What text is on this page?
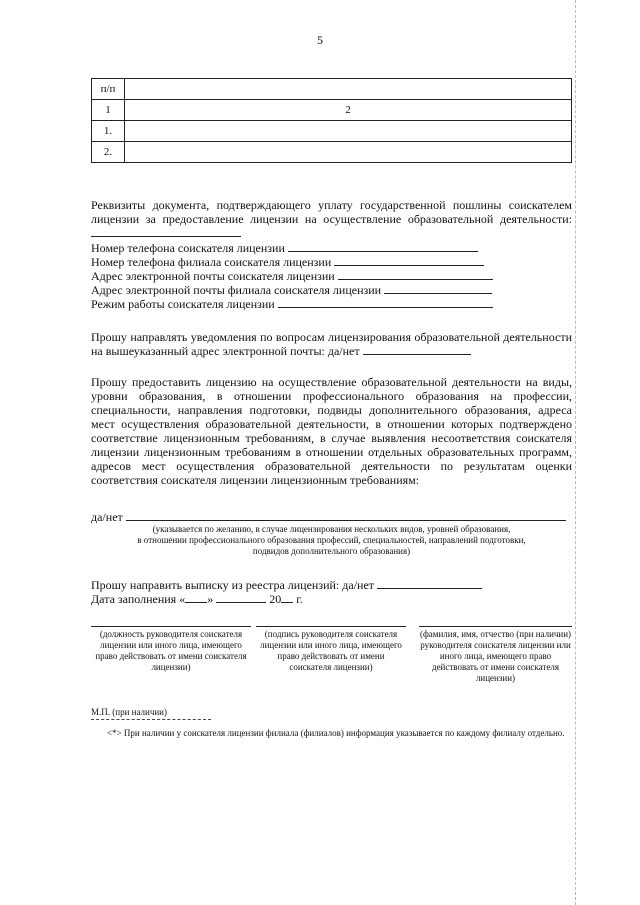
5
п/п	
1	2
1.	
2.	
Реквизиты документа, подтверждающего уплату государственной пошлины соискателем лицензии за предоставление лицензии на осуществление образовательной деятельности:
Номер телефона соискателя лицензии
Номер телефона филиала соискателя лицензии
Адрес электронной почты соискателя лицензии
Адрес электронной почты филиала соискателя лицензии
Режим работы соискателя лицензии
Прошу направлять уведомления по вопросам лицензирования образовательной деятельности на вышеуказанный адрес электронной почты: да/нет
Прошу предоставить лицензию на осуществление образовательной деятельности на виды, уровни образования, в отношении профессионального образования на профессии, специальности, направления подготовки, подвиды дополнительного образования, адреса мест осуществления образовательной деятельности, в отношении которых подтверждено соответствие лицензионным требованиям, в случае выявления несоответствия соискателя лицензии лицензионным требованиям в отношении отдельных образовательных программ, адресов мест осуществления образовательной деятельности по результатам оценки соответствия соискателя лицензии лицензионным требованиям:
да/нет
(указывается по желанию, в случае лицензирования нескольких видов, уровней образования,
в отношении профессионального образования профессий, специальностей, направлений подготовки,
подвидов дополнительного образования)
Прошу направить выписку из реестра лицензий: да/нет
Дата заполнения « »	20 г.
(должность руководителя соискателя лицензии или иного лица, имеющего право действовать от имени соискателя лицензии)
(подпись руководителя соискателя лицензии или иного лица, имеющего право действовать от имени соискателя лицензии)
(фамилия, имя, отчество (при наличии) руководителя соискателя лицензии или иного лица, имеющего право действовать от имени соискателя лицензии)
М.П. (при наличии)
<*> При наличии у соискателя лицензии филиала (филиалов) информация указывается по каждому филиалу отдельно.
